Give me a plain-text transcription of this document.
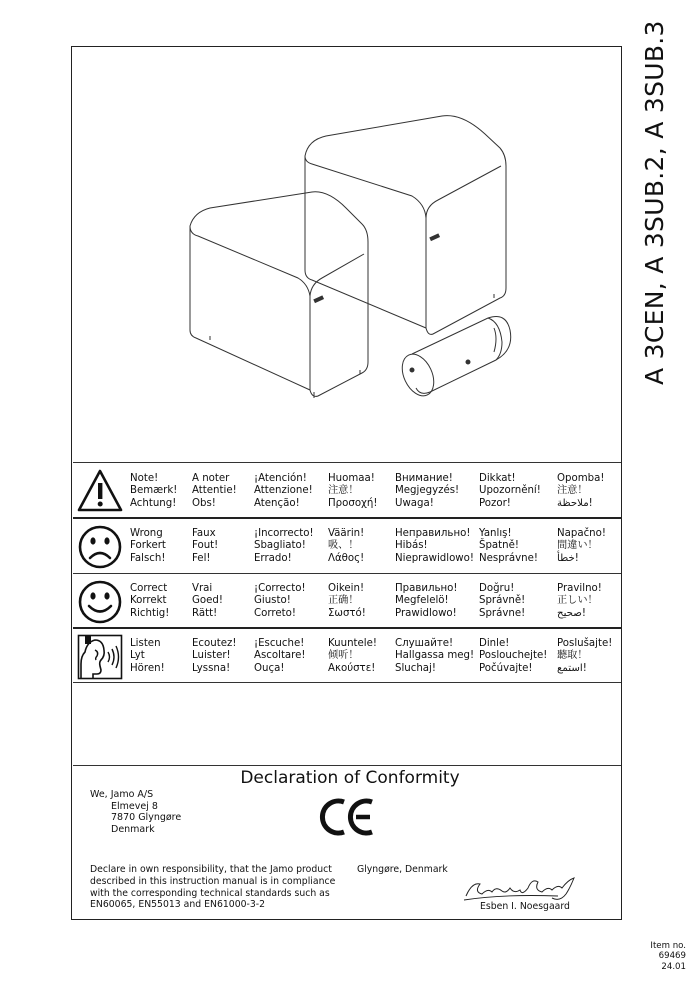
A 3CEN, A 3SUB.2, A 3SUB.3
Note!
Bemærk!
Achtung!
A noter
Attentie!
Obs!
¡Atención!
Attenzione!
Atenção!
Huomaa!
注意！
Προσοχή!
Внимание!
Megjegyzés!
Uwaga!
Dikkat!
Upozornění!
Pozor!
Opomba!
注意！
ملاحظة!
Wrong
Forkert
Falsch!
Faux
Fout!
Fel!
¡Incorrecto!
Sbagliato!
Errado!
Väärin!
吸、！
Λάθος!
Неправильно!
Hibás!
Nieprawidlowo!
Yanlış!
Špatně!
Nesprávne!
Napačno!
間違い！
خطأ!
Correct
Korrekt
Richtig!
Vrai
Goed!
Rätt!
¡Correcto!
Giusto!
Correto!
Oikein!
正确！
Σωστό!
Правильно!
Megfelelö!
Prawidlowo!
Doğru!
Správně!
Správne!
Pravilno!
正しい！
صحيح!
Listen
Lyt
Hören!
Ecoutez!
Luister!
Lyssna!
¡Escuche!
Ascoltare!
Ouça!
Kuuntele!
倾听！
Ακούστε!
Слушайте!
Hallgassa meg!
Sluchaj!
Dinle!
Poslouchejte!
Počúvajte!
Poslušajte!
聽取！
استمع!
Declaration of Conformity
We, Jamo A/S
Elmevej 8
7870 Glyngøre
Denmark
Declare in own responsibility, that the Jamo product
described in this instruction manual is in compliance
with the corresponding technical standards such as
EN60065, EN55013 and EN61000-3-2
Glyngøre, Denmark
Esben I. Noesgaard
Item no.
69469
24.01
